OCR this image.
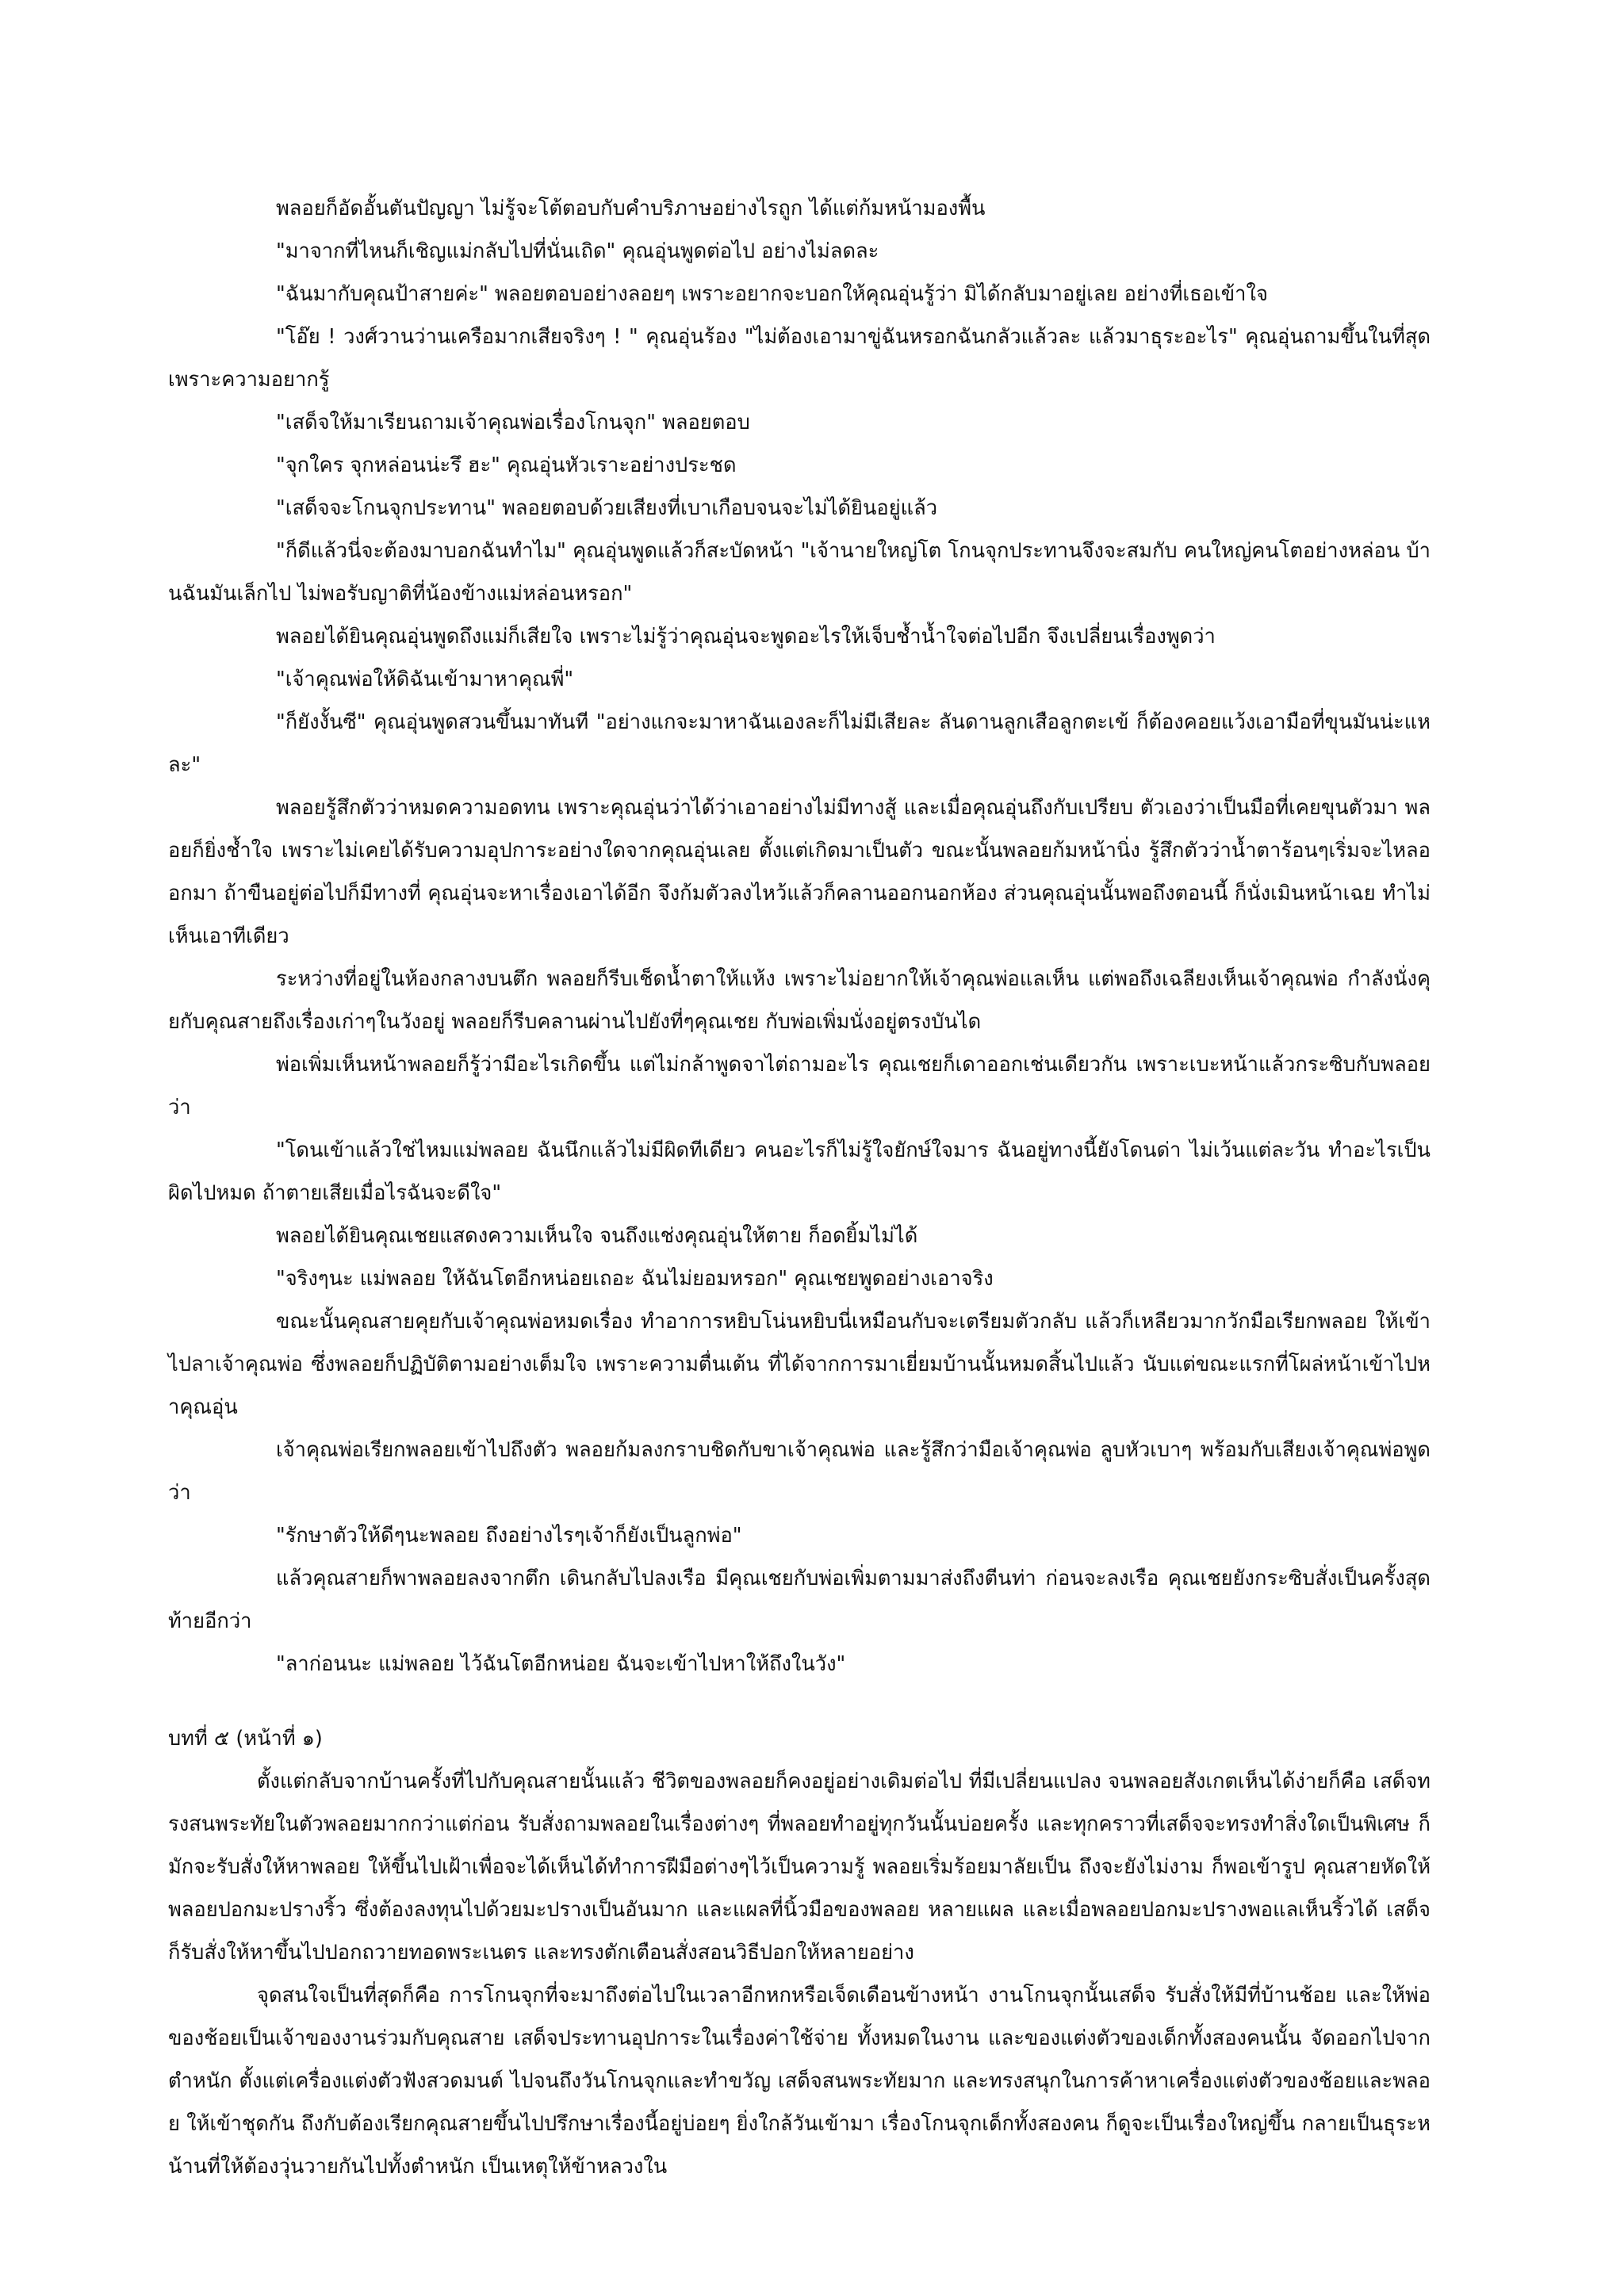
พลอยก็อัดอั้นตันปัญญา ไม่รู้จะโต้ตอบกับคำบริภาษอย่างไรถูก ได้แต่ก้มหน้ามองพื้น

"มาจากที่ไหนก็เชิญแม่กลับไปที่นั่นเถิด" คุณอุ่นพูดต่อไป อย่างไม่ลดละ

"ฉันมากับคุณป้าสายค่ะ" พลอยตอบอย่างลอยๆ เพราะอยากจะบอกให้คุณอุ่นรู้ว่า มิได้กลับมาอยู่เลย อย่างที่เธอเข้าใจ

"โอ๊ย ! วงศ์วานว่านเครือมากเสียจริงๆ ! " คุณอุ่นร้อง "ไม่ต้องเอามาขู่ฉันหรอกฉันกลัวแล้วละ แล้วมาธุระอะไร" คุณอุ่นถามขึ้นในที่สุด เพราะความอยากรู้

"เสด็จให้มาเรียนถามเจ้าคุณพ่อเรื่องโกนจุก" พลอยตอบ

"จุกใคร จุกหล่อนน่ะรึ ฮะ" คุณอุ่นหัวเราะอย่างประชด

"เสด็จจะโกนจุกประทาน" พลอยตอบด้วยเสียงที่เบาเกือบจนจะไม่ได้ยินอยู่แล้ว

"ก็ดีแล้วนี่จะต้องมาบอกฉันทำไม" คุณอุ่นพูดแล้วก็สะบัดหน้า "เจ้านายใหญ่โต โกนจุกประทานจึงจะสมกับ คนใหญ่คนโตอย่างหล่อน บ้านฉันมันเล็กไป ไม่พอรับญาติที่น้องข้างแม่หล่อนหรอก"

พลอยได้ยินคุณอุ่นพูดถึงแม่ก็เสียใจ เพราะไม่รู้ว่าคุณอุ่นจะพูดอะไรให้เจ็บช้ำน้ำใจต่อไปอีก จึงเปลี่ยนเรื่องพูดว่า

"เจ้าคุณพ่อให้ดิฉันเข้ามาหาคุณพี่"

"ก็ยังงั้นซี" คุณอุ่นพูดสวนขึ้นมาทันที "อย่างแกจะมาหาฉันเองละก็ไม่มีเสียละ ลันดานลูกเสือลูกตะเข้ ก็ต้องคอยแว้งเอามือที่ขุนมันน่ะแหละ"

พลอยรู้สึกตัวว่าหมดความอดทน เพราะคุณอุ่นว่าได้ว่าเอาอย่างไม่มีทางสู้ และเมื่อคุณอุ่นถึงกับเปรียบ ตัวเองว่าเป็นมือที่เคยขุนตัวมา พลอยก็ยิ่งช้ำใจ เพราะไม่เคยได้รับความอุปการะอย่างใดจากคุณอุ่นเลย ตั้งแต่เกิดมาเป็นตัว ขณะนั้นพลอยก้มหน้านิ่ง รู้สึกตัวว่าน้ำตาร้อนๆเริ่มจะไหลออกมา ถ้าขืนอยู่ต่อไปก็มีทางที่ คุณอุ่นจะหาเรื่องเอาได้อีก จึงก้มตัวลงไหว้แล้วก็คลานออกนอกห้อง ส่วนคุณอุ่นนั้นพอถึงตอนนี้ ก็นั่งเมินหน้าเฉย ทำไม่เห็นเอาทีเดียว

ระหว่างที่อยู่ในห้องกลางบนตึก พลอยก็รีบเช็ดน้ำตาให้แห้ง เพราะไม่อยากให้เจ้าคุณพ่อแลเห็น แต่พอถึงเฉลียงเห็นเจ้าคุณพ่อ กำลังนั่งคุยกับคุณสายถึงเรื่องเก่าๆในวังอยู่ พลอยก็รีบคลานผ่านไปยังที่ๆคุณเชย กับพ่อเพิ่มนั่งอยู่ตรงบันได

พ่อเพิ่มเห็นหน้าพลอยก็รู้ว่ามีอะไรเกิดขึ้น แต่ไม่กล้าพูดจาไต่ถามอะไร คุณเชยก็เดาออกเช่นเดียวกัน เพราะเบะหน้าแล้วกระซิบกับพลอยว่า

"โดนเข้าแล้วใช่ไหมแม่พลอย ฉันนึกแล้วไม่มีผิดทีเดียว คนอะไรก็ไม่รู้ใจยักษ์ใจมาร ฉันอยู่ทางนี้ยังโดนด่า ไม่เว้นแต่ละวัน ทำอะไรเป็นผิดไปหมด ถ้าตายเสียเมื่อไรฉันจะดีใจ"

พลอยได้ยินคุณเชยแสดงความเห็นใจ จนถึงแช่งคุณอุ่นให้ตาย ก็อดยิ้มไม่ได้

"จริงๆนะ แม่พลอย ให้ฉันโตอีกหน่อยเถอะ ฉันไม่ยอมหรอก" คุณเชยพูดอย่างเอาจริง

ขณะนั้นคุณสายคุยกับเจ้าคุณพ่อหมดเรื่อง ทำอาการหยิบโน่นหยิบนี่เหมือนกับจะเตรียมตัวกลับ แล้วก็เหลียวมากวักมือเรียกพลอย ให้เข้าไปลาเจ้าคุณพ่อ ซึ่งพลอยก็ปฏิบัติตามอย่างเต็มใจ เพราะความตื่นเต้น ที่ได้จากการมาเยี่ยมบ้านนั้นหมดสิ้นไปแล้ว นับแต่ขณะแรกที่โผล่หน้าเข้าไปหาคุณอุ่น

เจ้าคุณพ่อเรียกพลอยเข้าไปถึงตัว พลอยก้มลงกราบชิดกับขาเจ้าคุณพ่อ และรู้สึกว่ามือเจ้าคุณพ่อ ลูบหัวเบาๆ พร้อมกับเสียงเจ้าคุณพ่อพูดว่า

"รักษาตัวให้ดีๆนะพลอย ถึงอย่างไรๆเจ้าก็ยังเป็นลูกพ่อ"

แล้วคุณสายก็พาพลอยลงจากตึก เดินกลับไปลงเรือ มีคุณเชยกับพ่อเพิ่มตามมาส่งถึงตีนท่า ก่อนจะลงเรือ คุณเชยยังกระซิบสั่งเป็นครั้งสุดท้ายอีกว่า

"ลาก่อนนะ แม่พลอย ไว้ฉันโตอีกหน่อย ฉันจะเข้าไปหาให้ถึงในวัง"

บทที่ ๕ (หน้าที่ ๑)

ตั้งแต่กลับจากบ้านครั้งที่ไปกับคุณสายนั้นแล้ว ชีวิตของพลอยก็คงอยู่อย่างเดิมต่อไป ที่มีเปลี่ยนแปลง จนพลอยสังเกตเห็นได้ง่ายก็คือ เสด็จทรงสนพระทัยในตัวพลอยมากกว่าแต่ก่อน รับสั่งถามพลอยในเรื่องต่างๆ ที่พลอยทำอยู่ทุกวันนั้นบ่อยครั้ง และทุกคราวที่เสด็จจะทรงทำสิ่งใดเป็นพิเศษ ก็มักจะรับสั่งให้หาพลอย ให้ขึ้นไปเฝ้าเพื่อจะได้เห็นได้ทำการฝีมือต่างๆไว้เป็นความรู้ พลอยเริ่มร้อยมาลัยเป็น ถึงจะยังไม่งาม ก็พอเข้ารูป คุณสายหัดให้พลอยปอกมะปรางริ้ว ซึ่งต้องลงทุนไปด้วยมะปรางเป็นอันมาก และแผลที่นิ้วมือของพลอย หลายแผล และเมื่อพลอยปอกมะปรางพอแลเห็นริ้วได้ เสด็จก็รับสั่งให้หาขึ้นไปปอกถวายทอดพระเนตร และทรงตักเตือนสั่งสอนวิธีปอกให้หลายอย่าง

จุดสนใจเป็นที่สุดก็คือ การโกนจุกที่จะมาถึงต่อไปในเวลาอีกหกหรือเจ็ดเดือนข้างหน้า งานโกนจุกนั้นเสด็จ รับสั่งให้มีที่บ้านช้อย และให้พ่อของช้อยเป็นเจ้าของงานร่วมกับคุณสาย เสด็จประทานอุปการะในเรื่องค่าใช้จ่าย ทั้งหมดในงาน และของแต่งตัวของเด็กทั้งสองคนนั้น จัดออกไปจากตำหนัก ตั้งแต่เครื่องแต่งตัวฟังสวดมนต์ ไปจนถึงวันโกนจุกและทำขวัญ เสด็จสนพระทัยมาก และทรงสนุกในการค้าหาเครื่องแต่งตัวของช้อยและพลอย ให้เข้าชุดกัน ถึงกับต้องเรียกคุณสายขึ้นไปปรึกษาเรื่องนี้อยู่บ่อยๆ ยิ่งใกล้วันเข้ามา เรื่องโกนจุกเด็กทั้งสองคน ก็ดูจะเป็นเรื่องใหญ่ขึ้น กลายเป็นธุระหน้านที่ให้ต้องวุ่นวายกันไปทั้งตำหนัก เป็นเหตุให้ข้าหลวงใน
